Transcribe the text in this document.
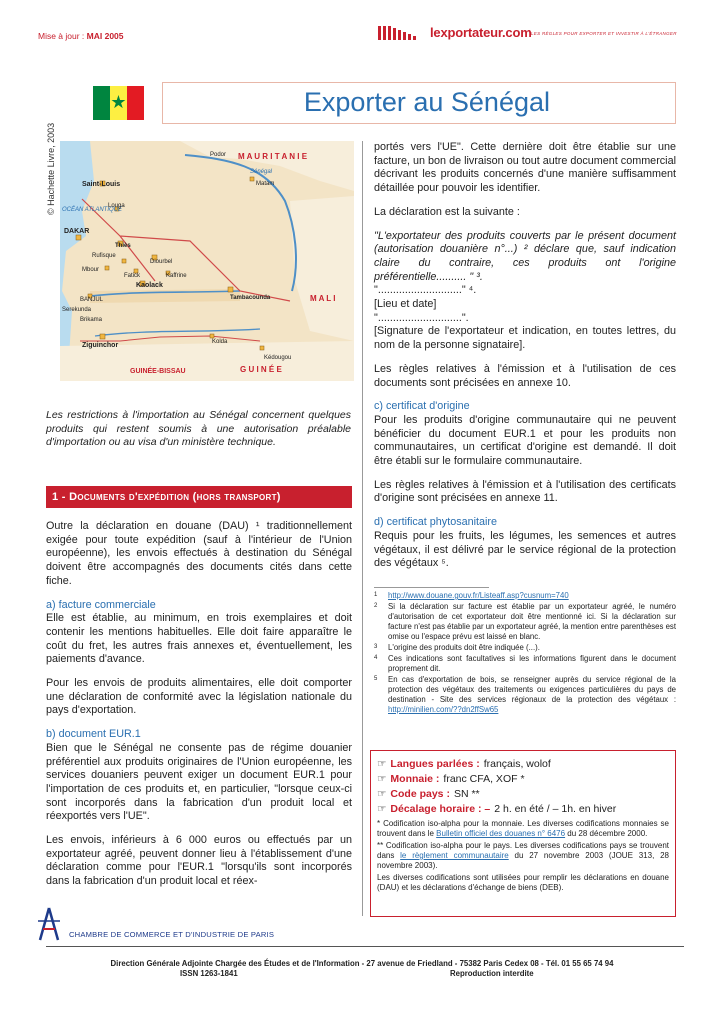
Mise à jour : MAI 2005	lexportateur.com LES RÈGLES POUR EXPORTER ET INVESTIR À L'ÉTRANGER
★	Exporter au Sénégal
© Hachette Livre, 2003	M A U R I T A N I E
M A L I
GUINÉE-BISSAU	G U I N É E
OCÉAN ATLANTIQUE
Sénégal
Podor
Saint-Louis
Louga
DAKAR
Thiès
Rufisque
Diourbel
Mbour
Kaolack
Fatick	Kaffrine
BANJUL
Serekunda
Brikama
Tambacounda
Ziguinchor	Kolda
Matam
Kédougou
Les restrictions à l'importation au Sénégal concernent quelques produits qui restent soumis à une autorisation préalable d'importation ou au visa d'un ministère technique.
1 - Documents d'expédition (hors transport)

Outre la déclaration en douane (DAU) ¹ traditionnellement exigée pour toute expédition (sauf à l'intérieur de l'Union européenne), les envois effectués à destination du Sénégal doivent être accompagnés des documents cités dans cette fiche.

a) facture commerciale

Elle est établie, au minimum, en trois exemplaires et doit contenir les mentions habituelles. Elle doit faire apparaître le coût du fret, les autres frais annexes et, éventuellement, les paiements d'avance.

Pour les envois de produits alimentaires, elle doit comporter une déclaration de conformité avec la législation nationale du pays d'exportation.

b) document EUR.1

Bien que le Sénégal ne consente pas de régime douanier préférentiel aux produits originaires de l'Union européenne, les services douaniers peuvent exiger un document EUR.1 pour l'importation de ces produits et, en particulier, "lorsque ceux-ci sont incorporés dans la fabrication d'un produit local et réexportés vers l'UE".

Les envois, inférieurs à 6 000 euros ou effectués par un exportateur agréé, peuvent donner lieu à l'établissement d'une déclaration comme pour l'EUR.1 "lorsqu'ils sont incorporés dans la fabrication d'un produit local et réex-

portés vers l'UE". Cette dernière doit être établie sur une facture, un bon de livraison ou tout autre document commercial décrivant les produits concernés d'une manière suffisamment détaillée pour pouvoir les identifier.

La déclaration est la suivante :

"L'exportateur des produits couverts par le présent document (autorisation douanière n°...) ² déclare que, sauf indication claire du contraire, ces produits ont l'origine préférentielle.......... " ³.

"............................" ⁴.

[Lieu et date]

"............................".

[Signature de l'exportateur et indication, en toutes lettres, du nom de la personne signataire].

Les règles relatives à l'émission et à l'utilisation de ces documents sont précisées en annexe 10.

c) certificat d'origine

Pour les produits d'origine communautaire qui ne peuvent bénéficier du document EUR.1 et pour les produits non communautaires, un certificat d'origine est demandé. Il doit être établi sur le formulaire communautaire.

Les règles relatives à l'émission et à l'utilisation des certificats d'origine sont précisées en annexe 11.

d) certificat phytosanitaire

Requis pour les fruits, les légumes, les semences et autres végétaux, il est délivré par le service régional de la protection des végétaux ⁵.

1	http://www.douane.gouv.fr/Listeaff.asp?cusnum=740
2	Si la déclaration sur facture est établie par un exportateur agréé, le numéro d'autorisation de cet exportateur doit être mentionné ici. Si la déclaration sur facture n'est pas établie par un exportateur agréé, la mention entre parenthèses est omise ou l'espace prévu est laissé en blanc.
3	L'origine des produits doit être indiquée (...).
4	Ces indications sont facultatives si les informations figurent dans le document proprement dit.
5	En cas d'exportation de bois, se renseigner auprès du service régional de la protection des végétaux des traitements ou exigences particulières du pays de destination - Site des services régionaux de la protection des végétaux : http://minilien.com/??dn2ffSw65
☞ Langues parlées : français, wolof
☞ Monnaie : franc CFA, XOF *
☞ Code pays : SN **
☞ Décalage horaire : – 2 h. en été / – 1h. en hiver
* Codification iso-alpha pour la monnaie. Les diverses codifications monnaies se trouvent dans le Bulletin officiel des douanes n° 6476 du 28 décembre 2000.
** Codification iso-alpha pour le pays. Les diverses codifications pays se trouvent dans le règlement communautaire du 27 novembre 2003 (JOUE 313, 28 novembre 2003).
Les diverses codifications sont utilisées pour remplir les déclarations en douane (DAU) et les déclarations d'échange de biens (DEB).
CHAMBRE DE COMMERCE ET D'INDUSTRIE DE PARIS
Direction Générale Adjointe Chargée des Études et de l'Information - 27 avenue de Friedland - 75382 Paris Cedex 08 - Tél. 01 55 65 74 94
ISSN 1263-1841	Reproduction interdite
